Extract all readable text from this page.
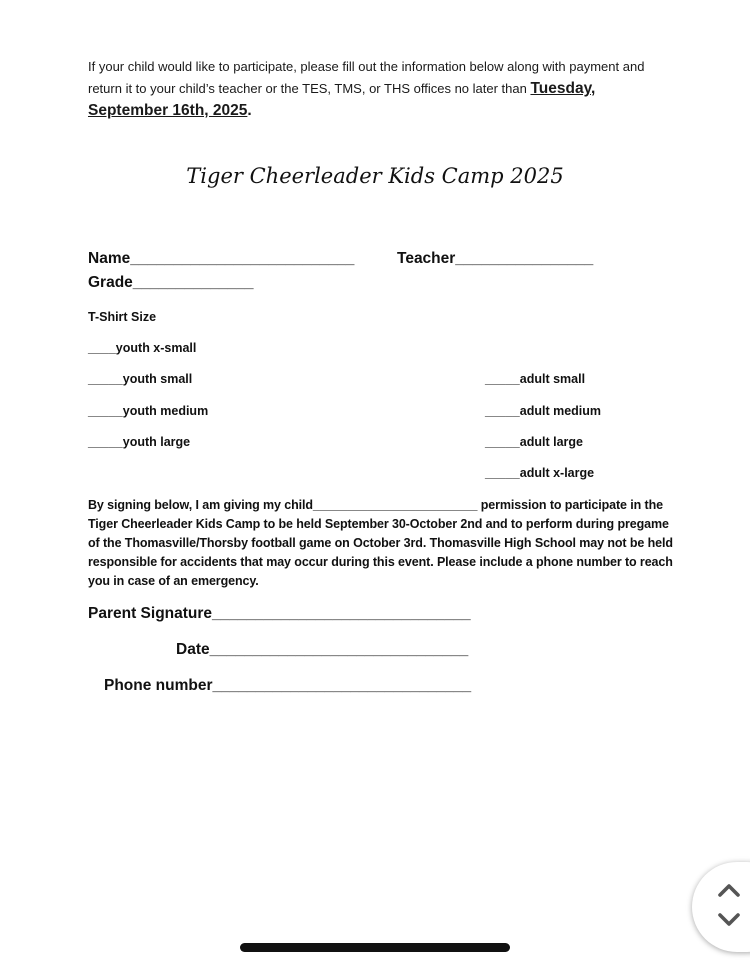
If your child would like to participate, please fill out the information below along with payment and return it to your child’s teacher or the TES, TMS, or THS offices no later than Tuesday, September 16th, 2025.
Tiger Cheerleader Kids Camp 2025
Name__________________________	Teacher________________
Grade______________
T-Shirt Size
____youth x-small
_____youth small
_____youth medium
_____youth large
_____adult small
_____adult medium
_____adult large
_____adult x-large
By signing below, I am giving my child________________________ permission to participate in the Tiger Cheerleader Kids Camp to be held September 30-October 2nd and to perform during pregame of the Thomasville/Thorsby football game on October 3rd. Thomasville High School may not be held responsible for accidents that may occur during this event. Please include a phone number to reach you in case of an emergency.
Parent Signature______________________________
Date______________________________
Phone number______________________________
